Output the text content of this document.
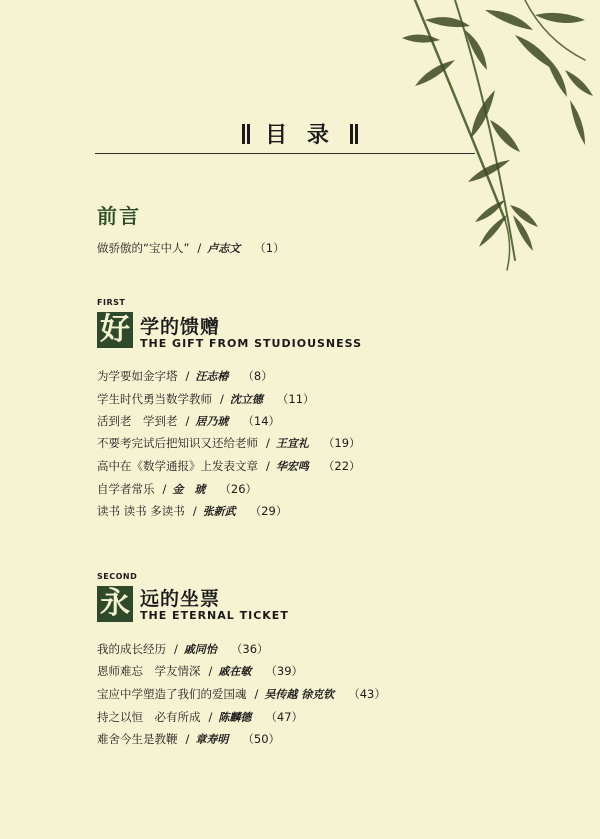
目 录
前言
做骄傲的“宝中人” / 卢志文 （1）
FIRST
好 学的馈赠
THE GIFT FROM STUDIOUSNESS
为学要如金字塔 / 汪志椿 （8）
学生时代勇当数学教师 / 沈立德 （11）
活到老　学到老 / 居乃琥 （14）
不要考完试后把知识又还给老师 / 王宜礼 （19）
高中在《数学通报》上发表文章 / 华宏鸣 （22）
自学者常乐 / 金　琥 （26）
读书 读书 多读书 / 张新武 （29）
SECOND
永 远的坐票
THE ETERNAL TICKET
我的成长经历 / 戚同怡 （36）
恩师难忘　学友情深 / 戚在敏 （39）
宝应中学塑造了我们的爱国魂 / 吴传越 徐克钦 （43）
持之以恒　必有所成 / 陈麟德 （47）
难舍今生是教鞭 / 章寿明 （50）
